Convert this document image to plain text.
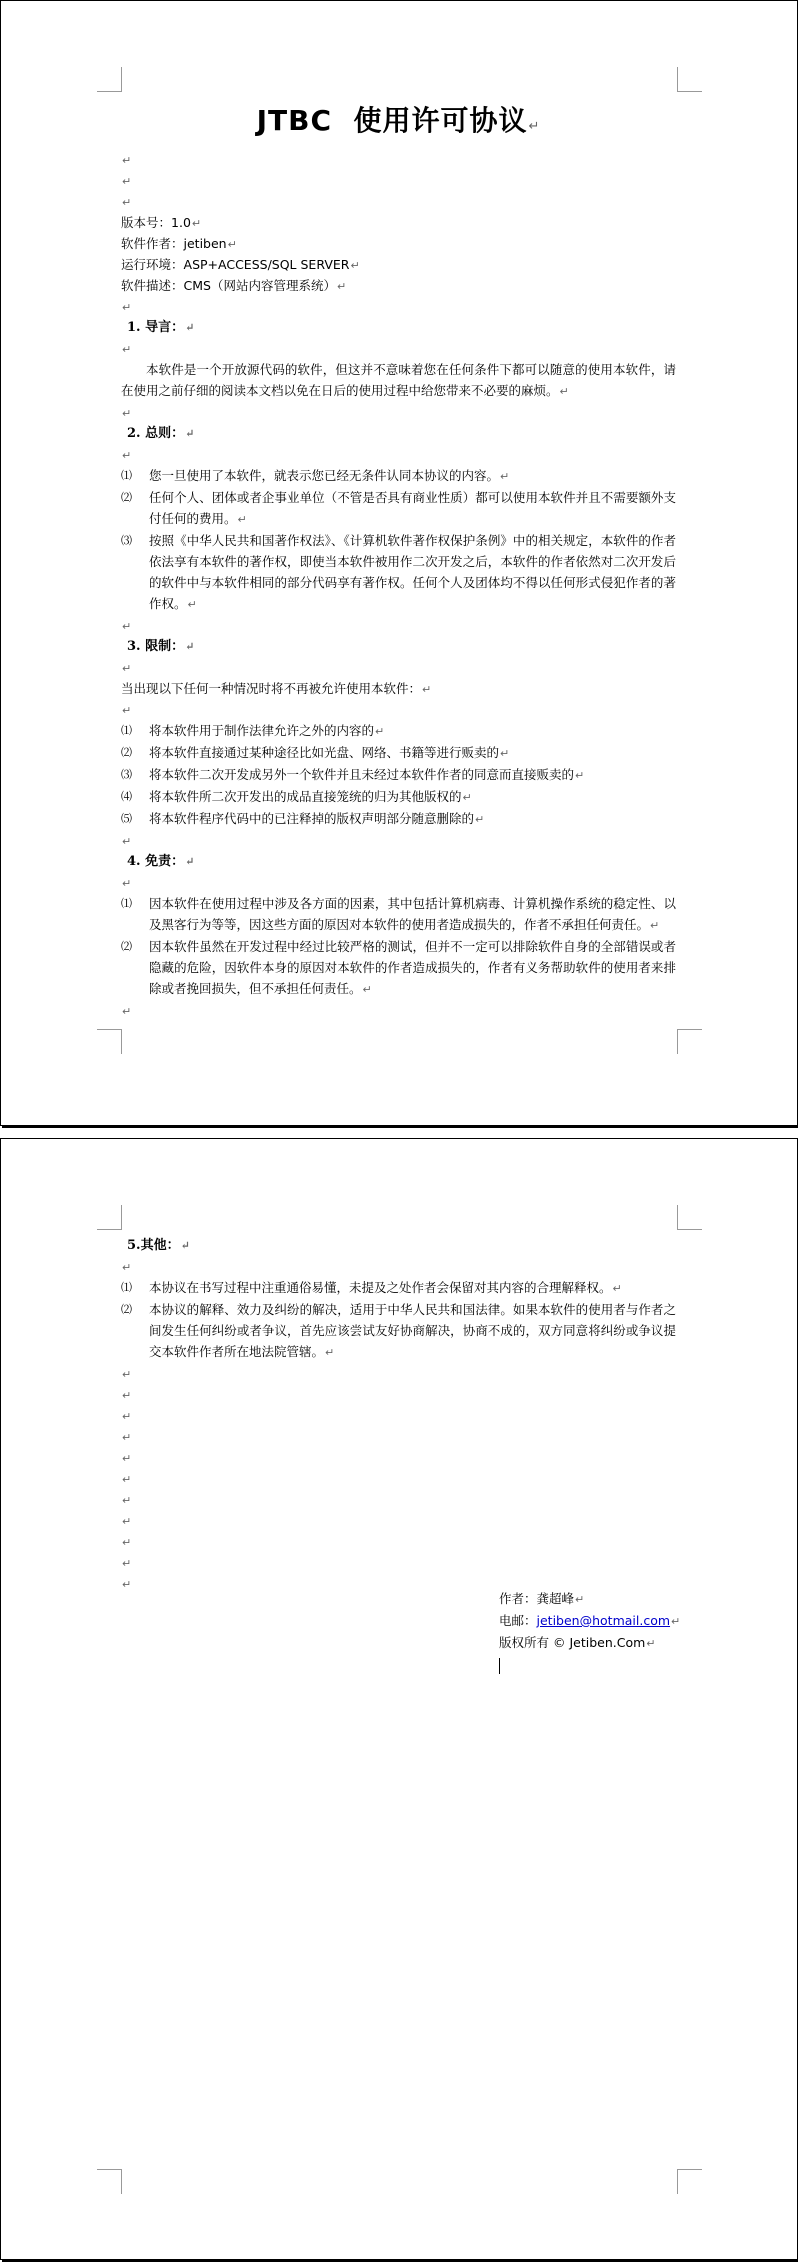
JTBC 使用许可协议↵
↵
↵
↵
版本号：1.0↵
软件作者：jetiben↵
运行环境：ASP+ACCESS/SQL SERVER↵
软件描述：CMS（网站内容管理系统）↵
↵
1. 导言：↵
↵
本软件是一个开放源代码的软件，但这并不意味着您在任何条件下都可以随意的使用本软件，请在使用之前仔细的阅读本文档以免在日后的使用过程中给您带来不必要的麻烦。↵
↵
2. 总则：↵
↵
⑴ 您一旦使用了本软件，就表示您已经无条件认同本协议的内容。↵
⑵ 任何个人、团体或者企事业单位（不管是否具有商业性质）都可以使用本软件并且不需要额外支付任何的费用。↵
⑶ 按照《中华人民共和国著作权法》、《计算机软件著作权保护条例》中的相关规定，本软件的作者依法享有本软件的著作权，即使当本软件被用作二次开发之后，本软件的作者依然对二次开发后的软件中与本软件相同的部分代码享有著作权。任何个人及团体均不得以任何形式侵犯作者的著作权。↵
↵
3. 限制：↵
↵
当出现以下任何一种情况时将不再被允许使用本软件：↵
↵
⑴ 将本软件用于制作法律允许之外的内容的↵
⑵ 将本软件直接通过某种途径比如光盘、网络、书籍等进行贩卖的↵
⑶ 将本软件二次开发成另外一个软件并且未经过本软件作者的同意而直接贩卖的↵
⑷ 将本软件所二次开发出的成品直接笼统的归为其他版权的↵
⑸ 将本软件程序代码中的已注释掉的版权声明部分随意删除的↵
↵
4. 免责：↵
↵
⑴ 因本软件在使用过程中涉及各方面的因素，其中包括计算机病毒、计算机操作系统的稳定性、以及黑客行为等等，因这些方面的原因对本软件的使用者造成损失的，作者不承担任何责任。↵
⑵ 因本软件虽然在开发过程中经过比较严格的测试，但并不一定可以排除软件自身的全部错误或者隐藏的危险，因软件本身的原因对本软件的作者造成损失的，作者有义务帮助软件的使用者来排除或者挽回损失，但不承担任何责任。↵
↵
5.其他：↵
↵
⑴ 本协议在书写过程中注重通俗易懂，未提及之处作者会保留对其内容的合理解释权。↵
⑵ 本协议的解释、效力及纠纷的解决，适用于中华人民共和国法律。如果本软件的使用者与作者之间发生任何纠纷或者争议，首先应该尝试友好协商解决，协商不成的，双方同意将纠纷或争议提交本软件作者所在地法院管辖。↵
↵
↵
↵
↵
↵
↵
↵
↵
↵
↵
↵
作者：龚超峰↵
电邮：jetiben@hotmail.com↵
版权所有 © Jetiben.Com↵
